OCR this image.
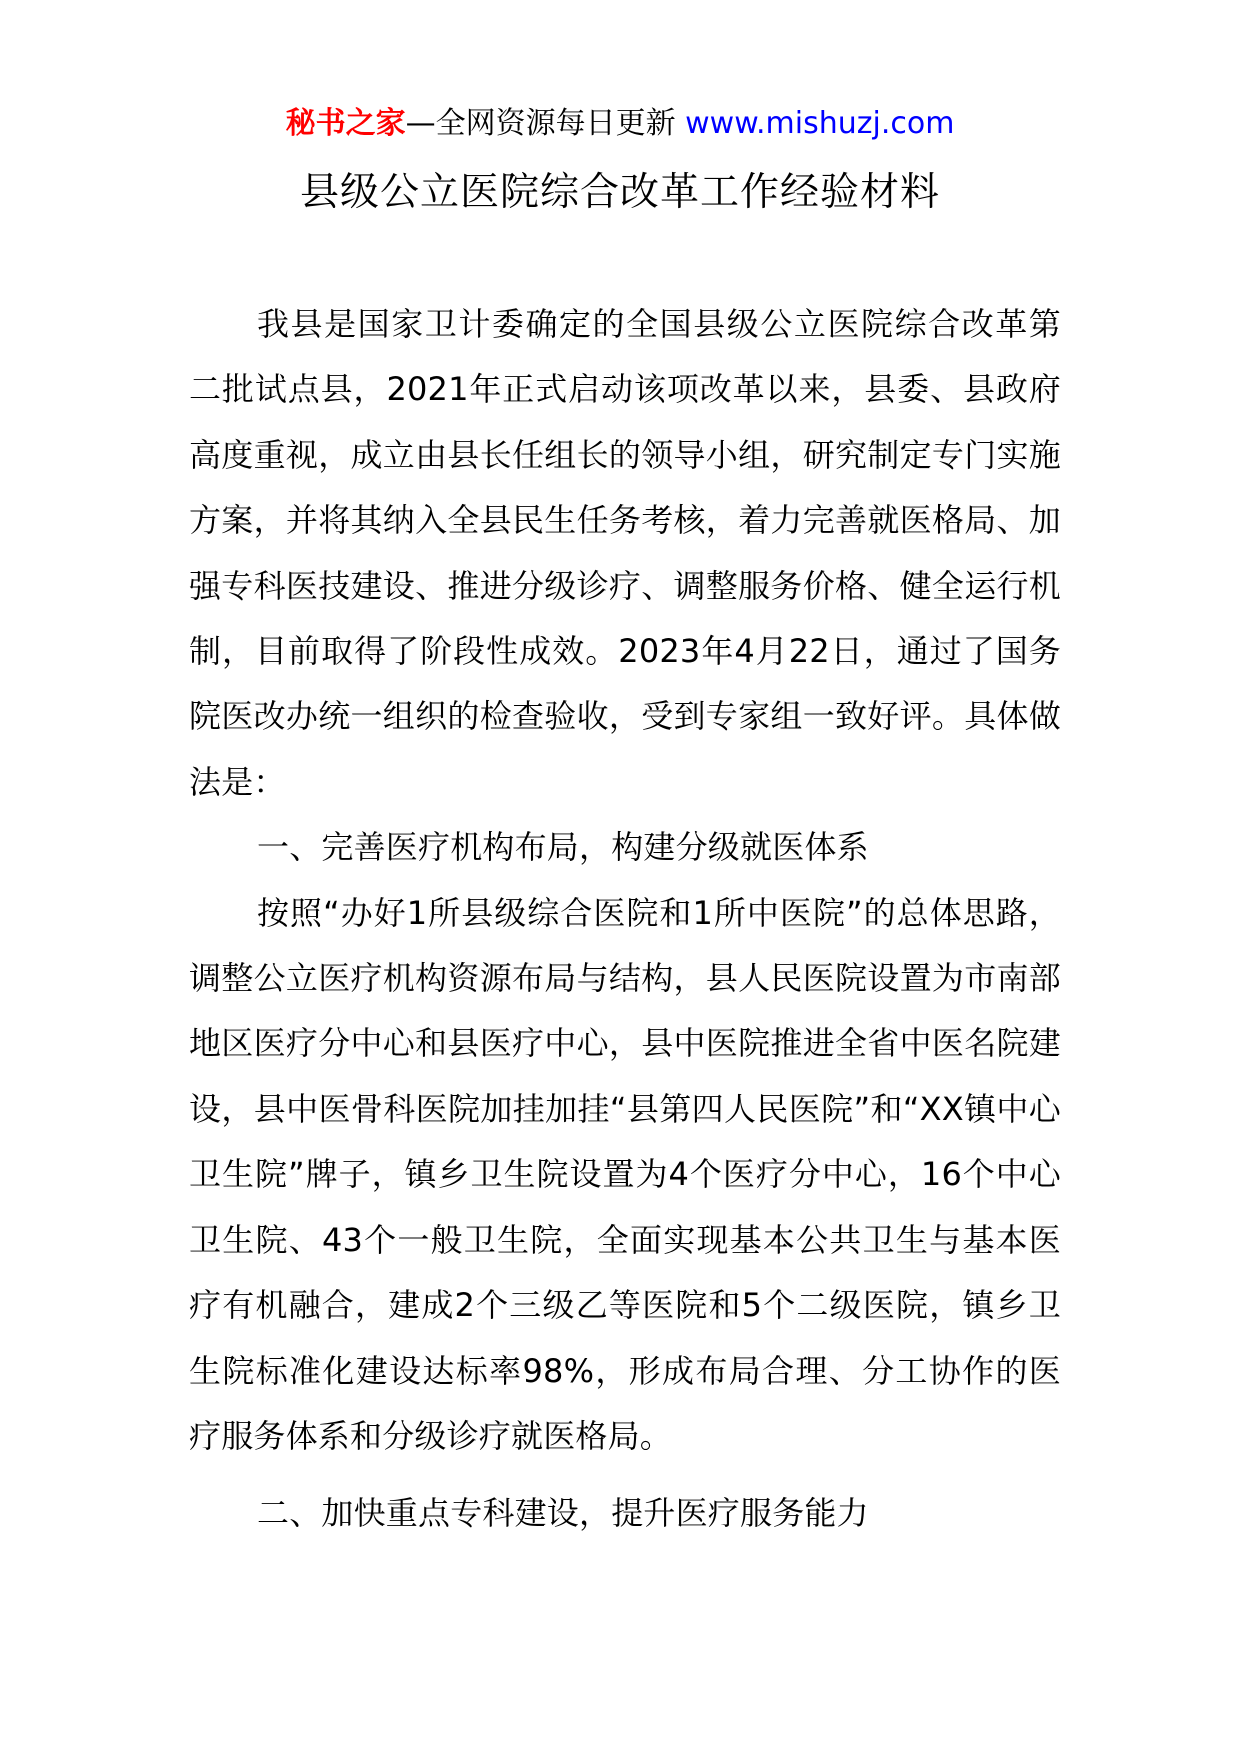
秘书之家—全网资源每日更新 www.mishuzj.com
县级公立医院综合改革工作经验材料

我县是国家卫计委确定的全国县级公立医院综合改革第二批试点县，2021年正式启动该项改革以来，县委、县政府高度重视，成立由县长任组长的领导小组，研究制定专门实施方案，并将其纳入全县民生任务考核，着力完善就医格局、加强专科医技建设、推进分级诊疗、调整服务价格、健全运行机制，目前取得了阶段性成效。2023年4月22日，通过了国务院医改办统一组织的检查验收，受到专家组一致好评。具体做法是：

一、完善医疗机构布局，构建分级就医体系

按照“办好1所县级综合医院和1所中医院”的总体思路，调整公立医疗机构资源布局与结构，县人民医院设置为市南部地区医疗分中心和县医疗中心，县中医院推进全省中医名院建设，县中医骨科医院加挂加挂“县第四人民医院”和“XX镇中心卫生院”牌子，镇乡卫生院设置为4个医疗分中心，16个中心卫生院、43个一般卫生院，全面实现基本公共卫生与基本医疗有机融合，建成2个三级乙等医院和5个二级医院，镇乡卫生院标准化建设达标率98%，形成布局合理、分工协作的医疗服务体系和分级诊疗就医格局。

二、加快重点专科建设，提升医疗服务能力
